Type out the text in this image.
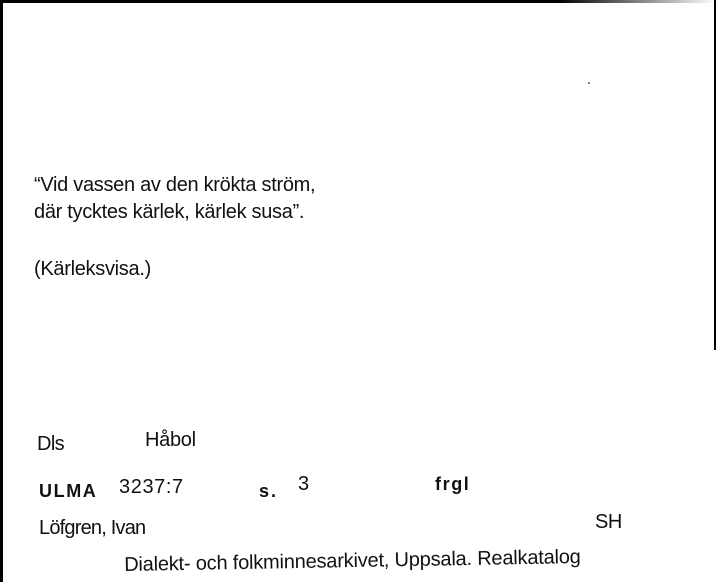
“Vid vassen av den krökta ström,
där tycktes kärlek, kärlek susa”.
(Kärleksvisa.)
Dls	Håbol
ULMA 3237:7	s. 3	frgl
Löfgren, Ivan	SH
Dialekt- och folkminnesarkivet, Uppsala. Realkatalog
